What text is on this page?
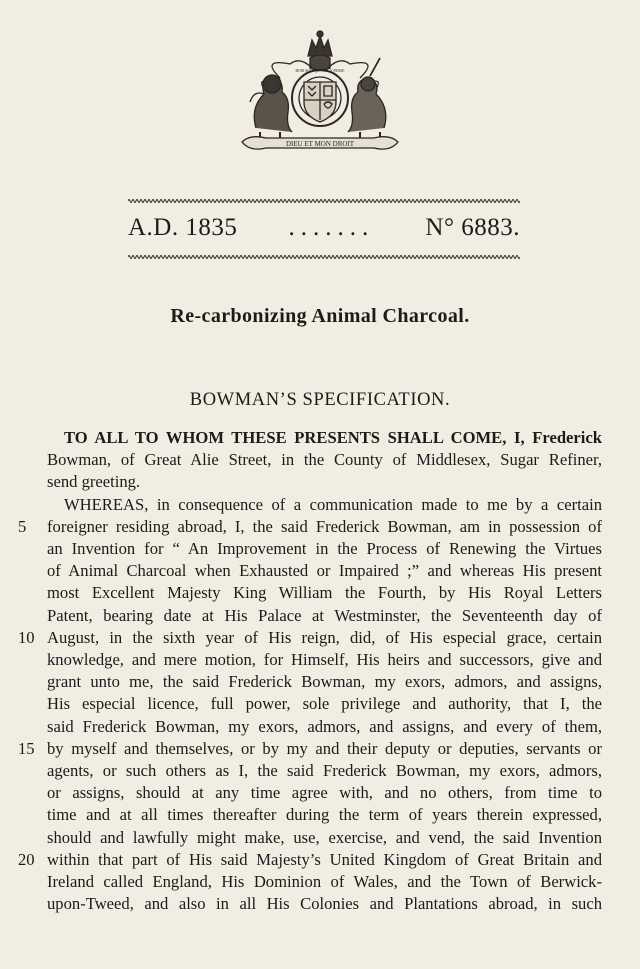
DIEU ET MON DROIT
HONI SOIT QUI MAL Y PENSE
A.D. 1835 ....... N° 6883.
Re-carbonizing Animal Charcoal.
BOWMAN’S SPECIFICATION.
TO ALL TO WHOM THESE PRESENTS SHALL COME, I, Frederick
Bowman, of Great Alie Street, in the County of Middlesex, Sugar Refiner,
send greeting.
WHEREAS, in consequence of a communication made to me by a certain
foreigner residing abroad, I, the said Frederick Bowman, am in possession of
an Invention for “ An Improvement in the Process of Renewing the Virtues
of Animal Charcoal when Exhausted or Impaired ;” and whereas His present
most Excellent Majesty King William the Fourth, by His Royal Letters
Patent, bearing date at His Palace at Westminster, the Seventeenth day of
August, in the sixth year of His reign, did, of His especial grace, certain
knowledge, and mere motion, for Himself, His heirs and successors, give and
grant unto me, the said Frederick Bowman, my exors, admors, and assigns,
His especial licence, full power, sole privilege and authority, that I, the
said Frederick Bowman, my exors, admors, and assigns, and every of them,
by myself and themselves, or by my and their deputy or deputies, servants or
agents, or such others as I, the said Frederick Bowman, my exors, admors,
or assigns, should at any time agree with, and no others, from time to
time and at all times thereafter during the term of years therein expressed,
should and lawfully might make, use, exercise, and vend, the said Invention
within that part of His said Majesty’s United Kingdom of Great Britain and
Ireland called England, His Dominion of Wales, and the Town of Berwick-
upon-Tweed, and also in all His Colonies and Plantations abroad, in such
5
10
15
20
